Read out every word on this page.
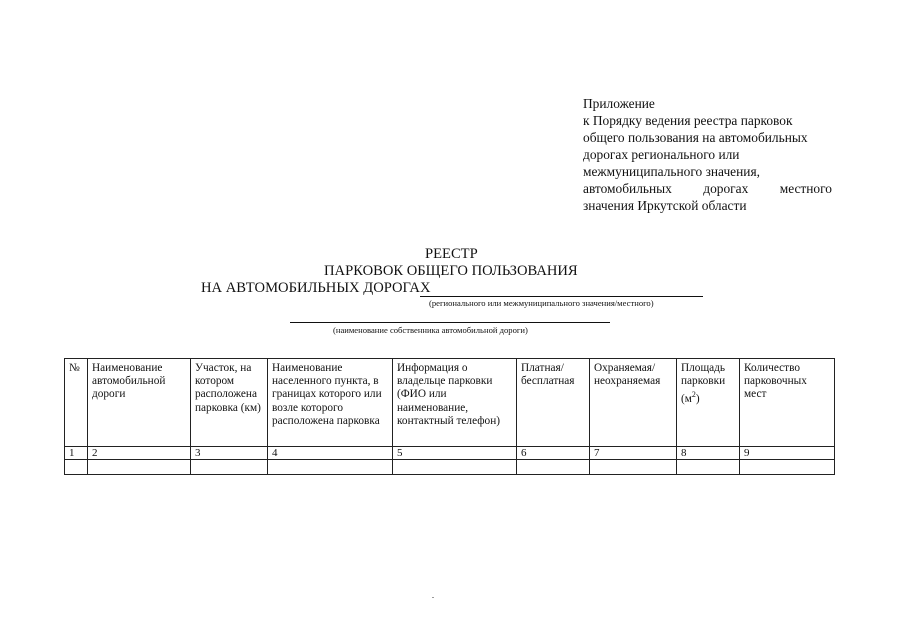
Приложение
к Порядку ведения реестра парковок
общего пользования на автомобильных
дорогах регионального или
межмуниципального значения,
автомобильных дорогах местного
значения Иркутской области
РЕЕСТР
ПАРКОВОК ОБЩЕГО ПОЛЬЗОВАНИЯ
НА АВТОМОБИЛЬНЫХ ДОРОГАХ
(регионального или межмуниципального значения/местного)
(наименование собственника автомобильной дороги)
№	Наименование автомобильной дороги	Участок, на котором расположена парковка (км)	Наименование населенного пункта, в границах которого или возле которого расположена парковка	Информация о владельце парковки (ФИО или наименование, контактный телефон)	Платная/ бесплатная	Охраняемая/ неохраняемая	Площадь парковки $(м^2)$	Количество парковочных мест
1	2	3	4	5	6	7	8	9
